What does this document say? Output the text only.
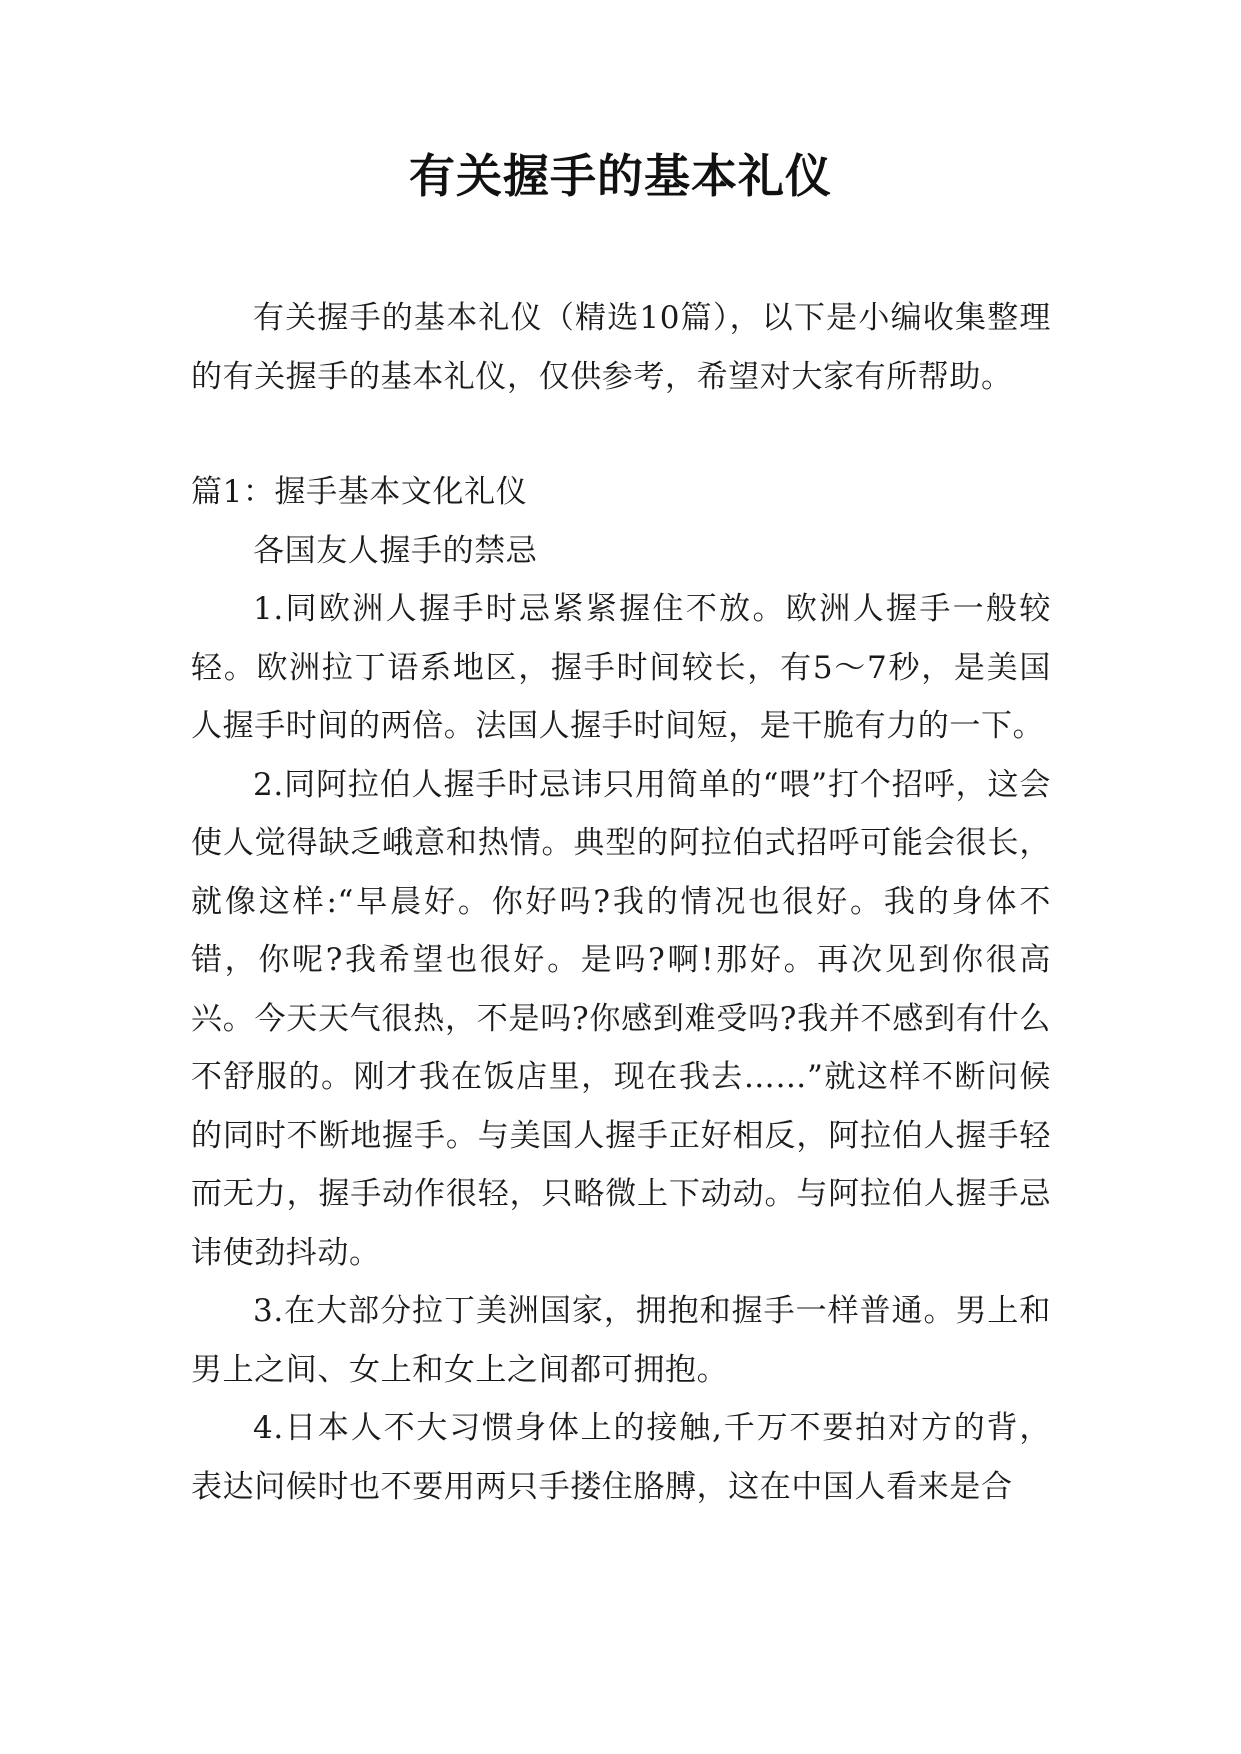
有关握手的基本礼仪

有关握手的基本礼仪（精选10篇），以下是小编收集整理的有关握手的基本礼仪，仅供参考，希望对大家有所帮助。

篇1：握手基本文化礼仪

各国友人握手的禁忌

1.同欧洲人握手时忌紧紧握住不放。欧洲人握手一般较轻。欧洲拉丁语系地区，握手时间较长，有5～7秒，是美国人握手时间的两倍。法国人握手时间短，是干脆有力的一下。

2.同阿拉伯人握手时忌讳只用简单的“喂”打个招呼，这会使人觉得缺乏峨意和热情。典型的阿拉伯式招呼可能会很长，就像这样:“早晨好。你好吗?我的情况也很好。我的身体不错，你呢?我希望也很好。是吗?啊!那好。再次见到你很高兴。今天天气很热，不是吗?你感到难受吗?我并不感到有什么不舒服的。刚才我在饭店里，现在我去……”就这样不断问候的同时不断地握手。与美国人握手正好相反，阿拉伯人握手轻而无力，握手动作很轻，只略微上下动动。与阿拉伯人握手忌讳使劲抖动。

3.在大部分拉丁美洲国家，拥抱和握手一样普通。男上和男上之间、女上和女上之间都可拥抱。

4.日本人不大习惯身体上的接触,千万不要拍对方的背，表达问候时也不要用两只手搂住胳膊，这在中国人看来是合
